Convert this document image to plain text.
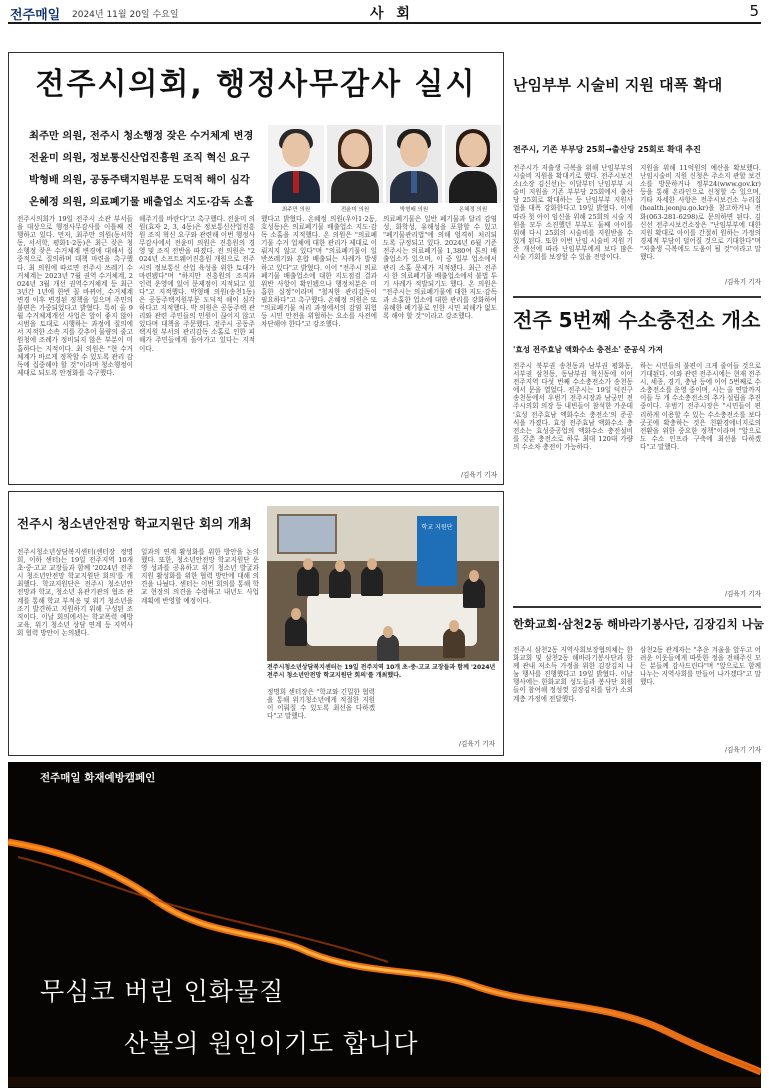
전주매일 2024년 11월 20일 수요일	사 회	5
전주시의회, 행정사무감사 실시
최주만 의원, 전주시 청소행정 잦은 수거체계 변경
전윤미 의원, 정보통신산업진흥원 조직 혁신 요구
박형배 의원, 공동주택지원부문 도덕적 해이 심각
온혜정 의원, 의료폐기물 배출업소 지도·감독 소홀
최주만 의원	전윤미 의원	박형배 의원	온혜정 의원
전주시의회가 19일 전주시 소관 부서들을 대상으로 행정사무감사를 이틀째 진행하고 있다. 먼저, 최주만 의원(동서학동, 서서학, 평화1·2동)은 최근 잦은 청소행정 잦은 수거체계 변경에 대해서 집중적으로 질의하며 대책 마련을 촉구했다. 최 의원에 따르면 전주시 쓰레기 수거체계는 2023년 7월 권역 수거체계, 2024년 3월 개선 권역수거체계 등 최근 3년간 1년에 한번 꼴 바뀌어, 수거체계 변경 이후 변경된 정책을 일으며 주민의 불편은 가중되었다고 밝혔다. 특히 올 9월 수거체계개선 사업은 앞이 좋지 않아 시범을 토대로 시행하는 과정에 질의에서 지적한 소속 지를 갖추어 물량의 줄고 원청에 조례가 정비되지 않은 부분이 미흡하다는 지적이다. 최 의원은 "현 수거체계가 바르게 정착할 수 있도록 관리 감독에 집중해야 할 것"이라며 청소행정이 제대로 되도록 안정화를 촉구했다.
해주기를 바란다"고 촉구했다. 전윤미 의원(효자 2, 3, 4동)은 정보통신산업진흥원 조직 혁신 요구와 관련해 이번 행정사무감사에서 전윤미 의원은 진흥원의 경영 및 조직 전반을 따졌다. 전 의원은 "2024년 소프트웨어진흥원 개원으로 전주시의 정보통신 산업 육성을 위한 토대가 마련됐다"며 "하지만 진흥원의 조직과 인력 운영에 있어 문제점이 지적되고 있다"고 지적했다. 박형배 의원(송천1동)은 공동주택지원부문 도덕적 해이 심각하다고 지적했다. 박 의원은 공동주택 관리와 관련 주민들의 민원이 끊이지 않고 있다며 대책을 주문했다. 전주시 공동주택지원 부서의 관리감독 소홀로 인한 피해가 주민들에게 돌아가고 있다는 지적이다.
했다고 밝혔다. 온혜정 의원(우아1·2동, 호성동)은 의료폐기물 배출업소 지도·감독 소홀을 지적했다. 온 의원은 "의료폐기물 수거 업체에 대한 관리가 제대로 이뤄지지 않고 있다"며 "의료폐기물이 일반쓰레기와 혼합 배출되는 사례가 발생하고 있다"고 밝혔다. 이어 "전주시 의료폐기물 배출업소에 대한 지도점검 결과 위반 사항이 확인됐으나 행정처분은 미흡한 실정"이라며 "철저한 관리감독이 필요하다"고 촉구했다. 온혜정 의원은 또 "의료폐기물 처리 과정에서의 감염 위험 등 시민 안전을 위협하는 요소를 사전에 차단해야 한다"고 강조했다.
의료폐기물은 일반 폐기물과 달리 감염성, 화학성, 유해성을 포함할 수 있고 "폐기물관리법"에 의해 엄격히 처리되도록 규정되고 있다. 2024년 6월 기준 전주시는 의료폐기물 1,380여 톤의 배출업소가 있으며, 이 중 일부 업소에서 관리 소홀 문제가 지적됐다. 최근 전주시 한 의료폐기물 배출업소에서 불법 투기 사례가 적발되기도 했다. 온 의원은 "전주시는 의료폐기물에 대한 지도·감독과 소홀한 업소에 대한 관리를 강화하여 유해한 폐기물로 인한 시민 피해가 없도록 해야 할 것"이라고 강조했다.
/김육기 기자
난임부부 시술비 지원 대폭 확대
전주시, 기존 부부당 25회→출산당 25회로 확대 추진
전주시가 저출생 극복을 위해 난임부부의 시술비 지원을 확대키로 했다. 전주시보건소(소장 김신선)는 이달부터 난임부부 시술비 지원을 기존 부부당 25회에서 출산당 25회로 확대하는 등 난임부부 지원사업을 대폭 강화한다고 19일 밝혔다. 이에 따라 첫 아이 임신을 위해 25회의 시술 지원을 모두 소진했던 부부도 둘째 아이를 위해 다시 25회의 시술비를 지원받을 수 있게 된다. 또한 이번 난임 시술비 지원 기준 개선에 따라 난임부부에게 보다 많은 시술 기회를 보장할 수 있을 전망이다.
지원을 위해 11억원의 예산을 확보했다. 난임시술비 지원 신청은 주소지 관할 보건소를 방문하거나 정부24(www.gov.kr) 등을 통해 온라인으로 신청할 수 있으며, 기타 자세한 사항은 전주시보건소 누리집(health.jeonju.go.kr)을 참고하거나 전화(063-281-6298)로 문의하면 된다. 김신선 전주시보건소장은 "난임부부에 대한 지원 확대로 아이를 간절히 원하는 가정의 경제적 부담이 덜어질 것으로 기대한다"며 "저출생 극복에도 도움이 될 것"이라고 말했다.
/김육기 기자
전주 5번째 수소충전소 개소
'효성 전주효남 액화수소 충전소' 준공식 가져
전주시 북부권 송천동과 남부권 평화동, 서부권 삼천동, 동남부권 혁신동에 이어 전주지역 다섯 번째 수소충전소가 송천동에서 문을 열었다. 전주시는 19일 덕진구 송천동에서 우범기 전주시장과 남궁민 전주시의회 의장 등 내빈들이 참석한 가운데 '효성 전주효남 액화수소 충전소'의 준공식을 가졌다. 효성 전주효남 액화수소 충전소는 효성중공업의 액화수소 충전설비를 갖춘 충전소로 하루 최대 120대 가량의 수소차 충전이 가능하다.
하는 시민들의 불편이 크게 줄어들 것으로 기대된다. 이와 관련 전주시에는 현재 전주시, 세종, 경기, 충남 등에 이어 5번째로 수소충전소를 운영 중이며, 시는 올 연말까지 이들 두 개 수소충전소의 추가 설립을 추진 중이다. 우범기 전주시장은 "시민들이 편리하게 이용할 수 있는 수소충전소를 보다 곳곳에 확충하는 것은 친환경에너지로의 전환을 위한 중요한 정책"이라며 "앞으로도 수소 인프라 구축에 최선을 다하겠다"고 말했다.
/김육기 기자
한화교회·삼천2동 해바라기봉사단, 김장김치 나눔
전주시 삼천2동 지역사회보장협의체는 한화교회 및 삼천2동 해바라기봉사단과 함께 관내 저소득 가정을 위한 김장김치 나눔 행사를 진행했다고 19일 밝혔다. 이날 행사에는 한화교회 성도들과 봉사단 회원들이 참여해 정성껏 김장김치를 담가 소외계층 가정에 전달했다.
삼천2동 관계자는 "추운 겨울을 앞두고 어려운 이웃들에게 따뜻한 정을 전해주신 모든 분들께 감사드린다"며 "앞으로도 함께 나누는 지역사회를 만들어 나가겠다"고 말했다.
/김육기 기자
전주시 청소년안전망 학교지원단 회의 개최
전주시청소년상담복지센터(센터장 정명희, 이하 센터)는 19일 전주지역 10개 초·중·고교 교장들과 함께 '2024년 전주시 청소년안전망 학교지원단 회의'를 개최했다. 학교지원단은 전주시 청소년안전망과 학교, 청소년 유관기관의 협조 관계를 통해 학교 부적응 및 위기 청소년을 조기 발견하고 지원하기 위해 구성된 조직이다. 이날 회의에서는 학교폭력 예방교육, 위기 청소년 상담 연계 등 지역사회 협력 방안이 논의됐다.
일과의 연계 활성화를 위한 방안을 논의했다. 또한, 청소년안전망 학교지원단 운영 성과를 공유하고 위기 청소년 발굴과 지원 활성화를 위한 협력 방안에 대해 의견을 나눴다. 센터는 이번 회의를 통해 학교 현장의 의견을 수렴하고 내년도 사업 계획에 반영할 예정이다.
학교 지원단
전주시청소년상담복지센터는 19일 전주지역 10개 초·중·고교 교장들과 함께 '2024년 전주시 청소년안전망 학교지원단 회의'를 개최했다.
정명희 센터장은 "학교와 긴밀한 협력을 통해 위기청소년에게 적절한 지원이 이뤄질 수 있도록 최선을 다하겠다"고 말했다.
/김육기 기자
전주매일 화재예방캠페인
무심코 버린 인화물질
산불의 원인이기도 합니다
